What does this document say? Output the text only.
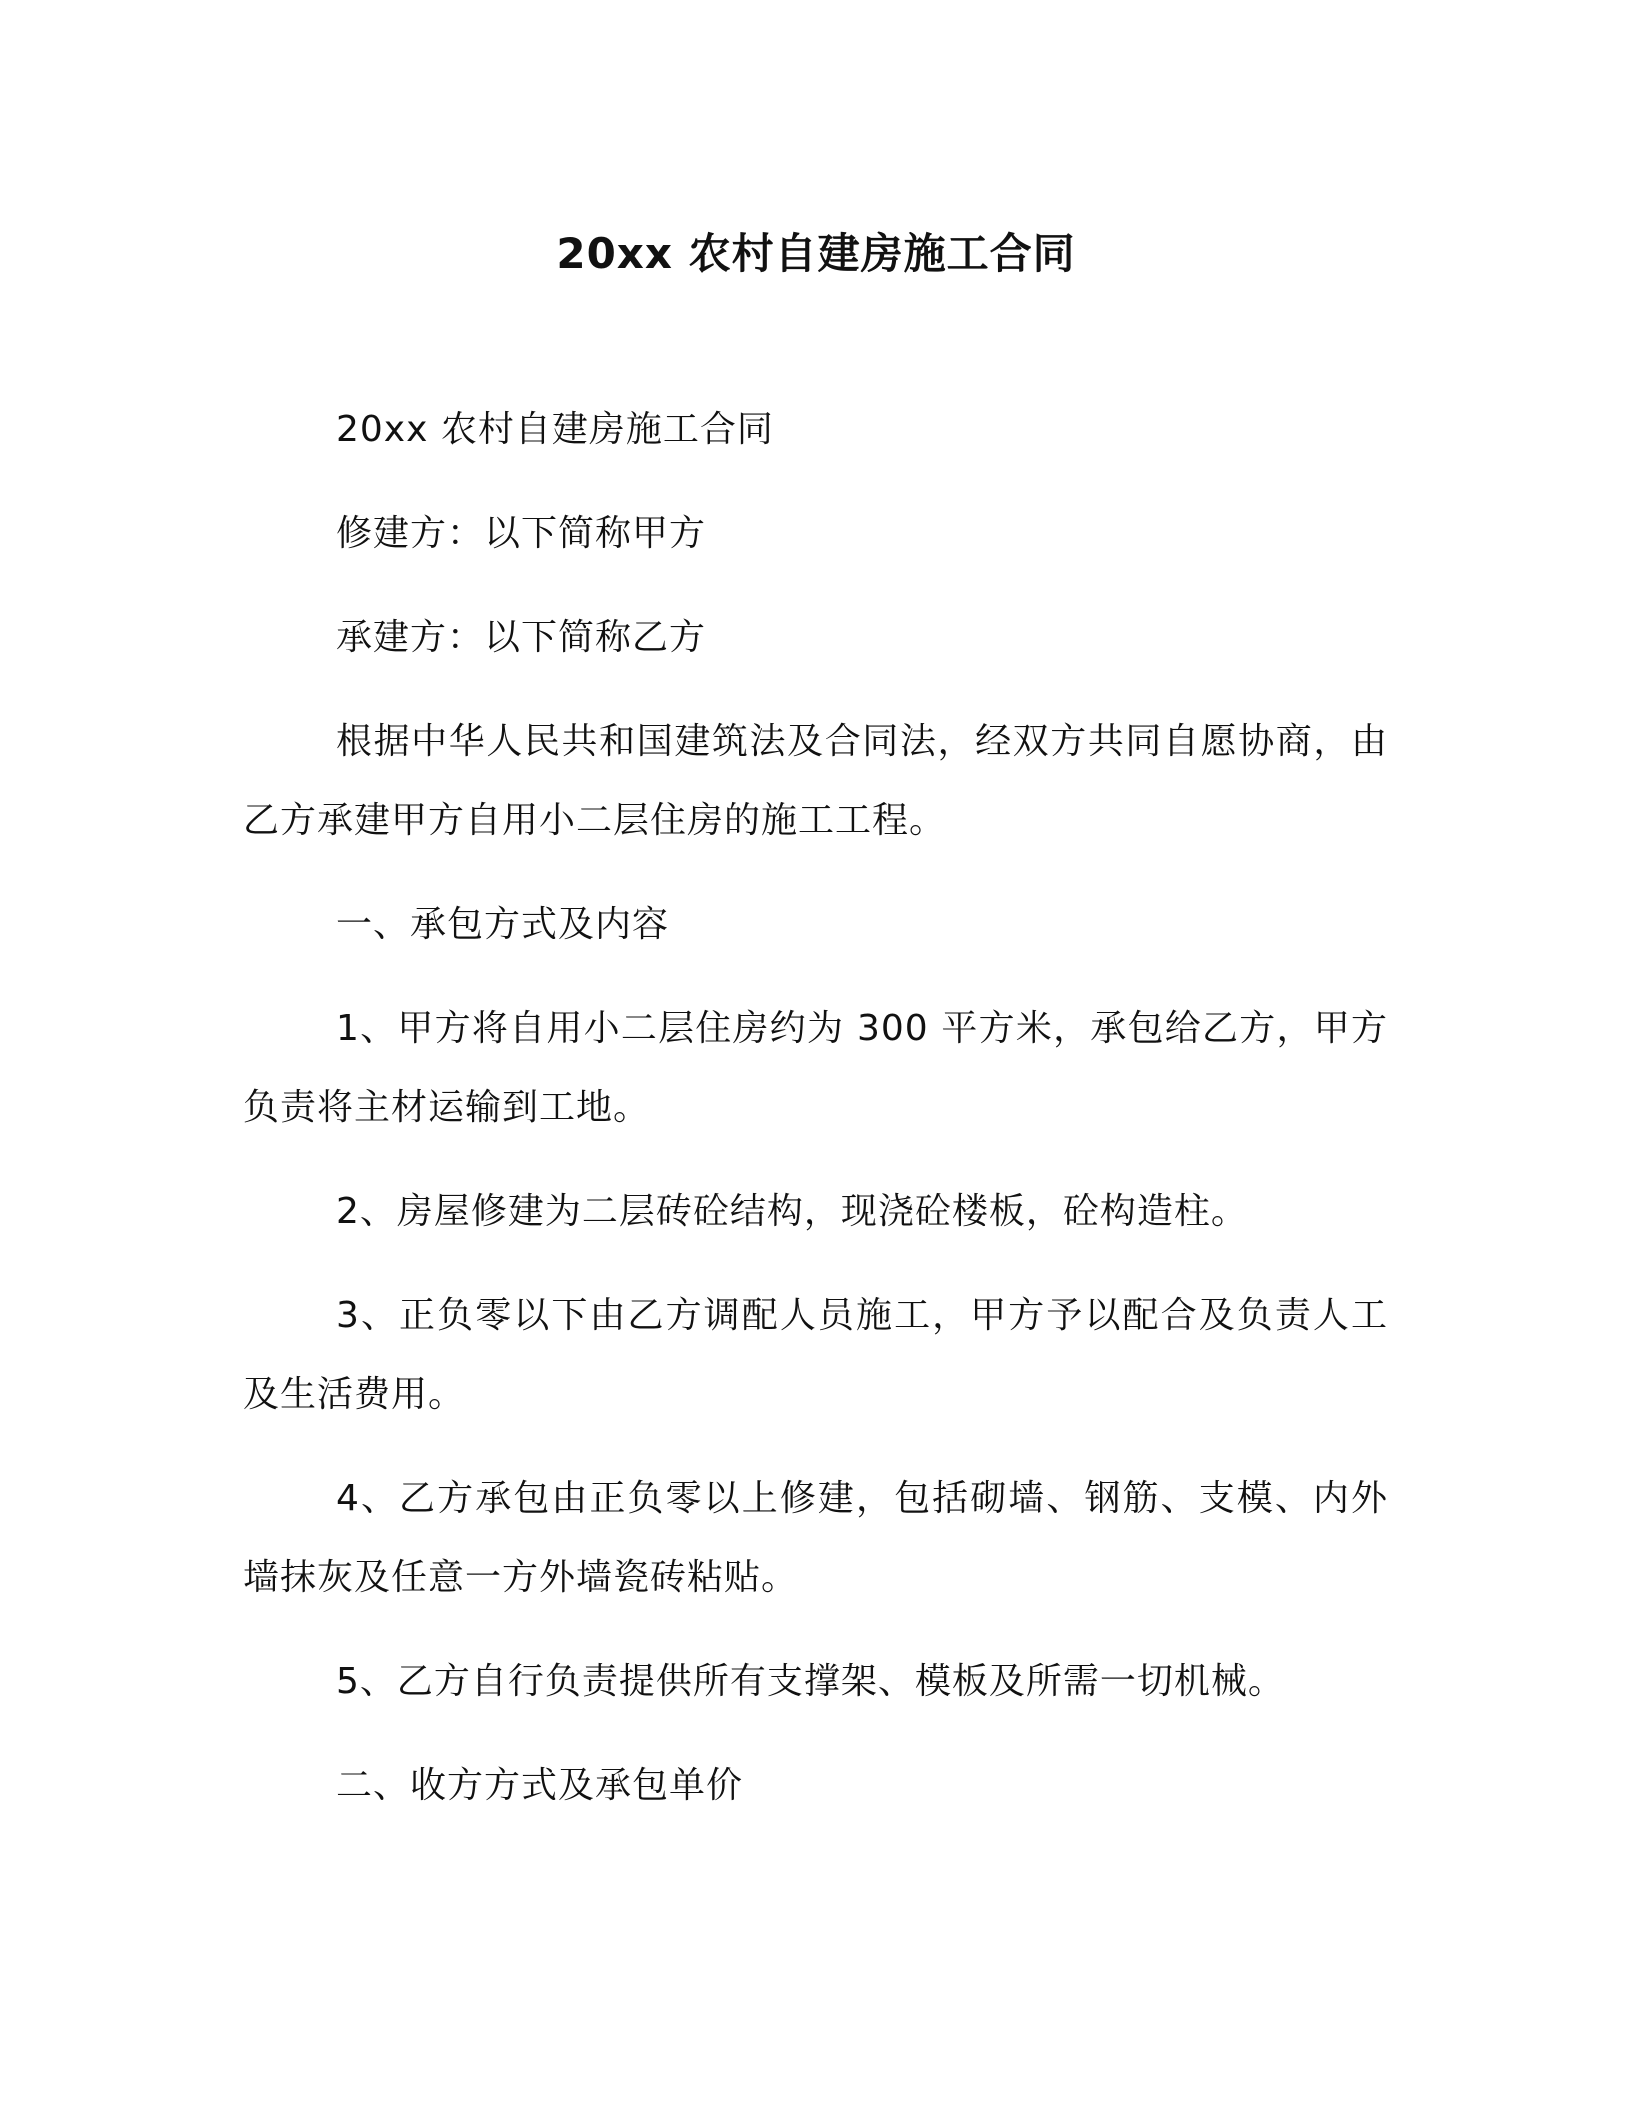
20xx 农村自建房施工合同

20xx 农村自建房施工合同

修建方：以下简称甲方

承建方：以下简称乙方

根据中华人民共和国建筑法及合同法，经双方共同自愿协商，由乙方承建甲方自用小二层住房的施工工程。

一、承包方式及内容

1、甲方将自用小二层住房约为 300 平方米，承包给乙方，甲方负责将主材运输到工地。

2、房屋修建为二层砖砼结构，现浇砼楼板，砼构造柱。

3、正负零以下由乙方调配人员施工，甲方予以配合及负责人工及生活费用。

4、乙方承包由正负零以上修建，包括砌墙、钢筋、支模、内外墙抹灰及任意一方外墙瓷砖粘贴。

5、乙方自行负责提供所有支撑架、模板及所需一切机械。

二、收方方式及承包单价
